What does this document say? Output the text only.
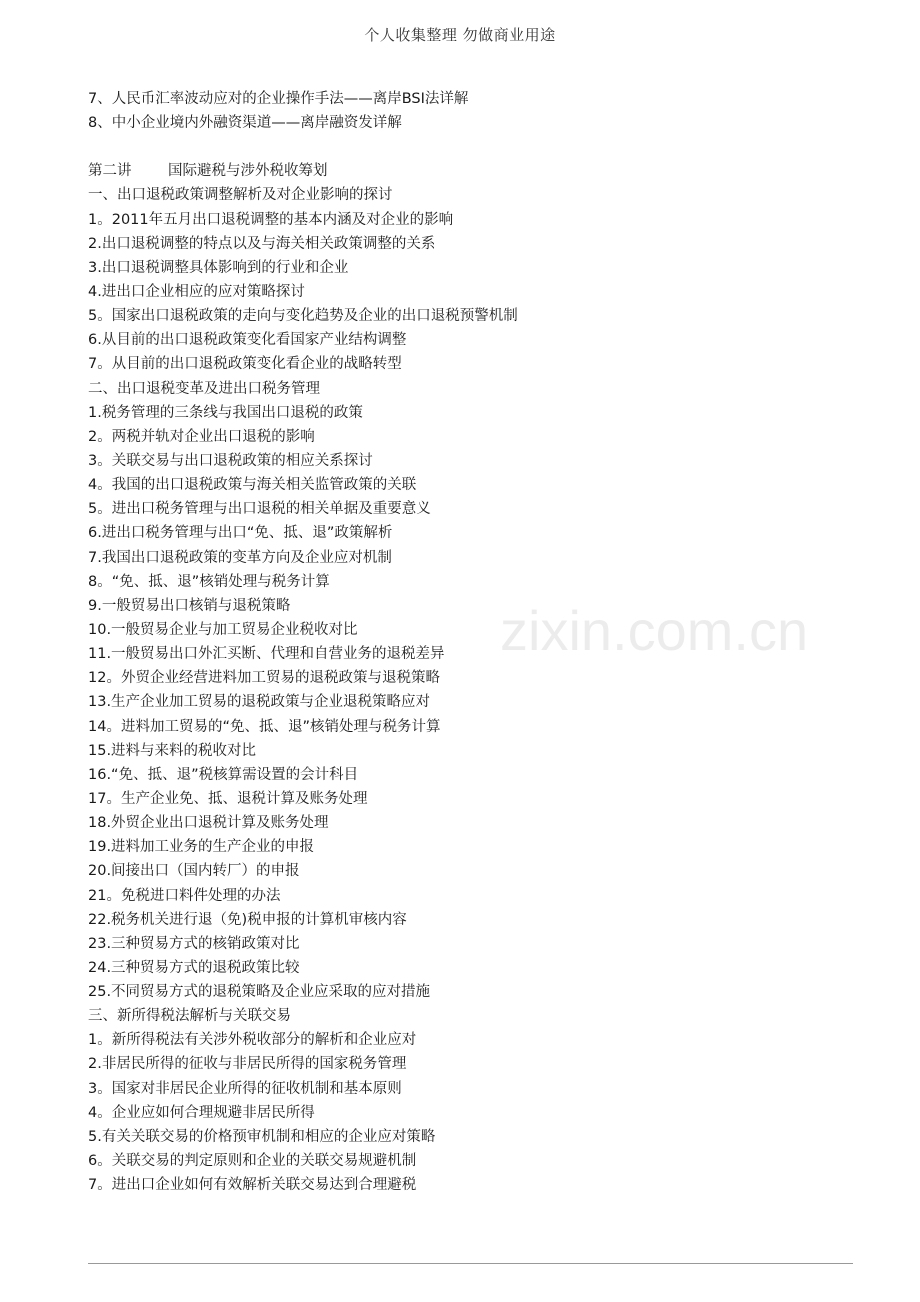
个人收集整理 勿做商业用途
zixin.com.cn
7、人民币汇率波动应对的企业操作手法——离岸BSI法详解
8、中小企业境内外融资渠道——离岸融资发详解
第二讲	国际避税与涉外税收筹划
一、出口退税政策调整解析及对企业影响的探讨
1。2011年五月出口退税调整的基本内涵及对企业的影响
2.出口退税调整的特点以及与海关相关政策调整的关系
3.出口退税调整具体影响到的行业和企业
4.进出口企业相应的应对策略探讨
5。国家出口退税政策的走向与变化趋势及企业的出口退税预警机制
6.从目前的出口退税政策变化看国家产业结构调整
7。从目前的出口退税政策变化看企业的战略转型
二、出口退税变革及进出口税务管理
1.税务管理的三条线与我国出口退税的政策
2。两税并轨对企业出口退税的影响
3。关联交易与出口退税政策的相应关系探讨
4。我国的出口退税政策与海关相关监管政策的关联
5。进出口税务管理与出口退税的相关单据及重要意义
6.进出口税务管理与出口“免、抵、退”政策解析
7.我国出口退税政策的变革方向及企业应对机制
8。“免、抵、退”核销处理与税务计算
9.一般贸易出口核销与退税策略
10.一般贸易企业与加工贸易企业税收对比
11.一般贸易出口外汇买断、代理和自营业务的退税差异
12。外贸企业经营进料加工贸易的退税政策与退税策略
13.生产企业加工贸易的退税政策与企业退税策略应对
14。进料加工贸易的“免、抵、退”核销处理与税务计算
15.进料与来料的税收对比
16.“免、抵、退”税核算需设置的会计科目
17。生产企业免、抵、退税计算及账务处理
18.外贸企业出口退税计算及账务处理
19.进料加工业务的生产企业的申报
20.间接出口（国内转厂）的申报
21。免税进口料件处理的办法
22.税务机关进行退（免)税申报的计算机审核内容
23.三种贸易方式的核销政策对比
24.三种贸易方式的退税政策比较
25.不同贸易方式的退税策略及企业应采取的应对措施
三、新所得税法解析与关联交易
1。新所得税法有关涉外税收部分的解析和企业应对
2.非居民所得的征收与非居民所得的国家税务管理
3。国家对非居民企业所得的征收机制和基本原则
4。企业应如何合理规避非居民所得
5.有关关联交易的价格预审机制和相应的企业应对策略
6。关联交易的判定原则和企业的关联交易规避机制
7。进出口企业如何有效解析关联交易达到合理避税
